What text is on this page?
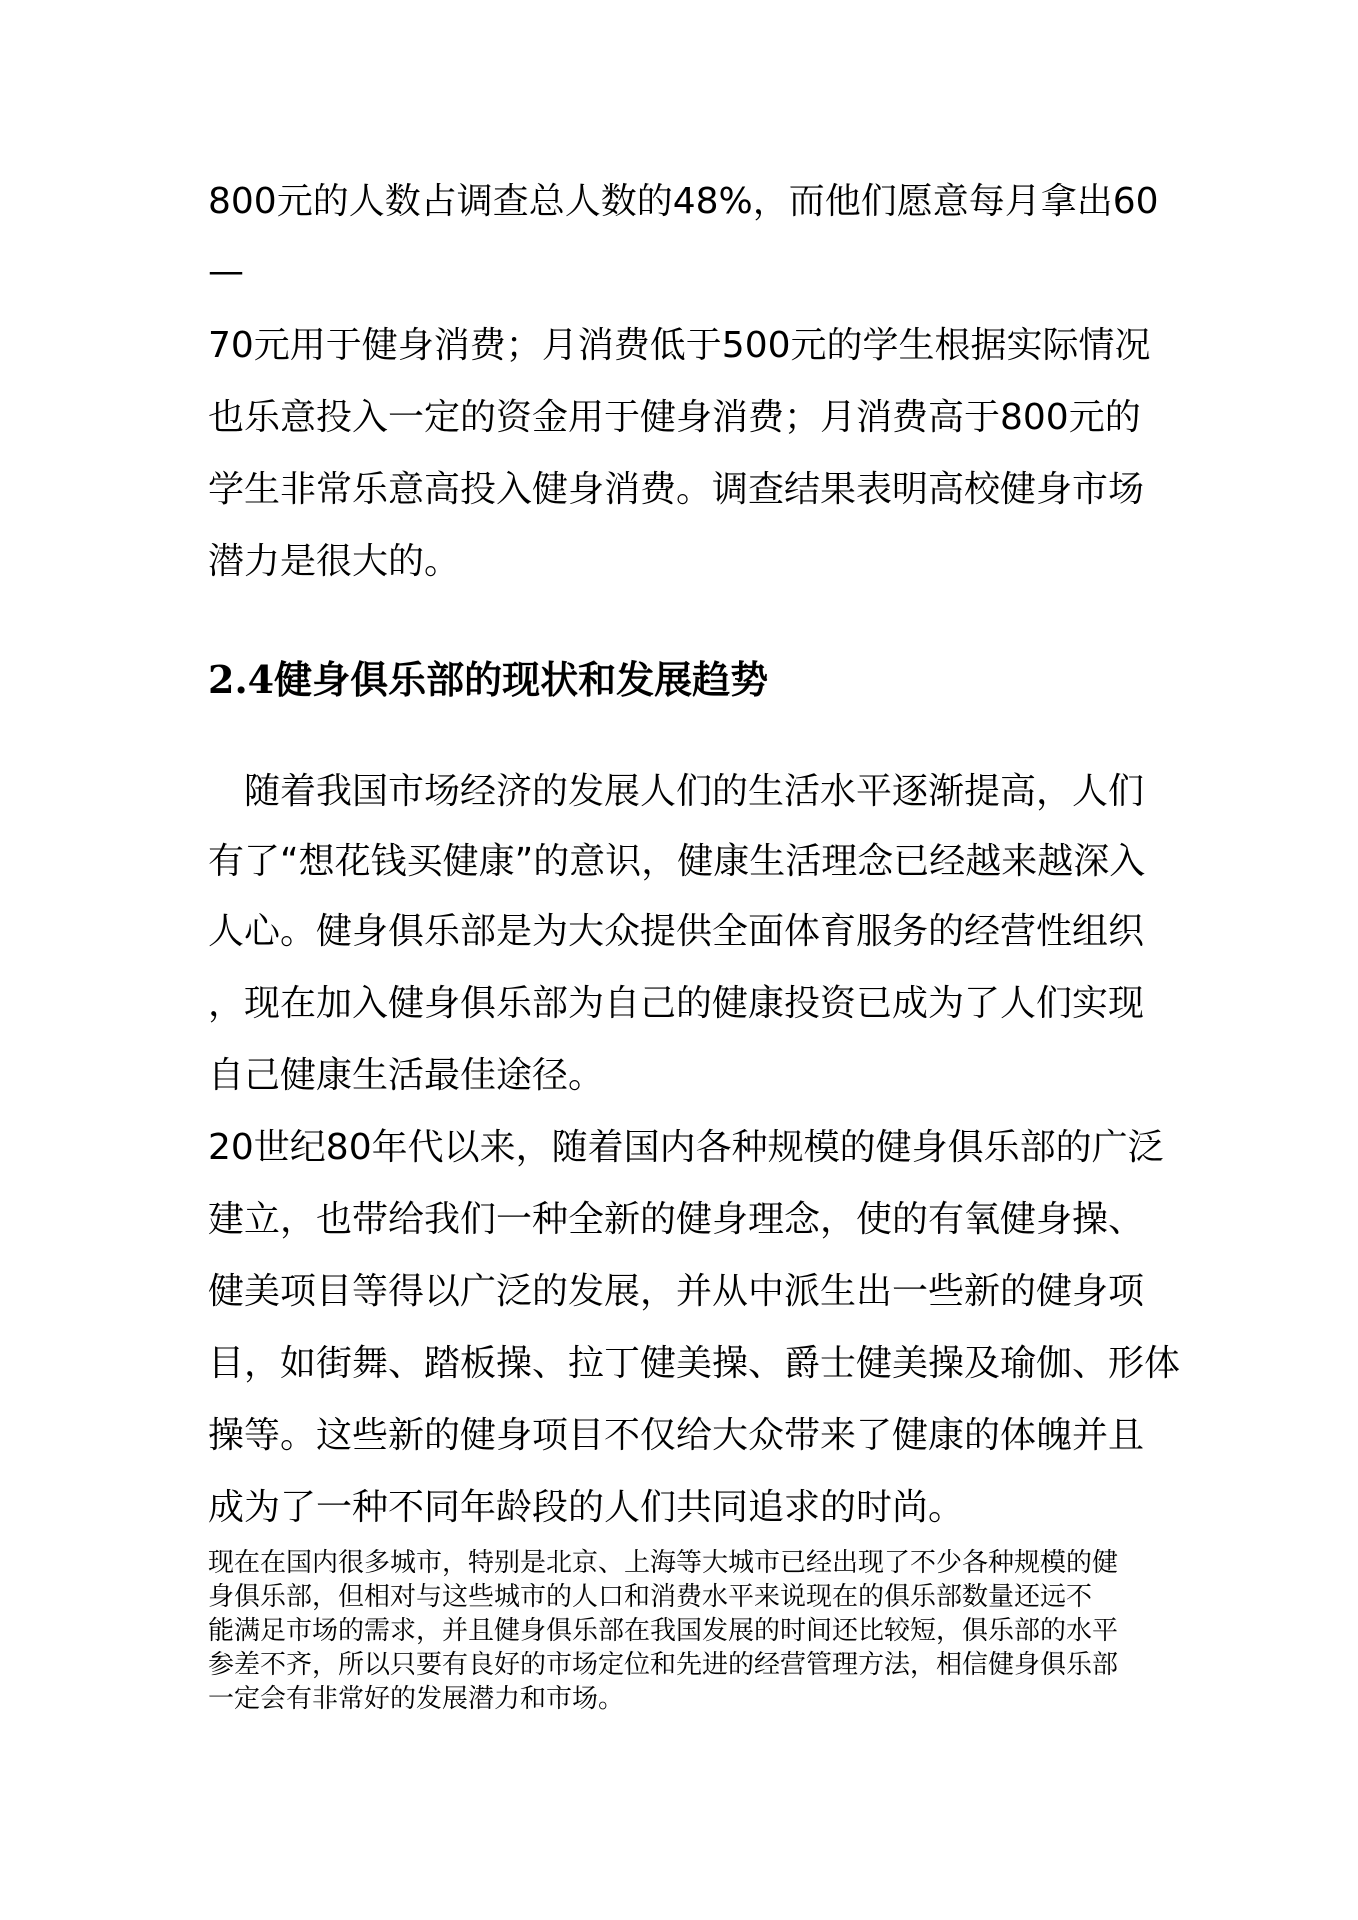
800元的人数占调查总人数的48%，而他们愿意每月拿出60

—

70元用于健身消费；月消费低于500元的学生根据实际情况

也乐意投入一定的资金用于健身消费；月消费高于800元的

学生非常乐意高投入健身消费。调查结果表明高校健身市场

潜力是很大的。

2.4健身俱乐部的现状和发展趋势

随着我国市场经济的发展人们的生活水平逐渐提高，人们

有了“想花钱买健康”的意识，健康生活理念已经越来越深入

人心。健身俱乐部是为大众提供全面体育服务的经营性组织

，现在加入健身俱乐部为自己的健康投资已成为了人们实现

自己健康生活最佳途径。

20世纪80年代以来，随着国内各种规模的健身俱乐部的广泛

建立，也带给我们一种全新的健身理念，使的有氧健身操、

健美项目等得以广泛的发展，并从中派生出一些新的健身项

目，如街舞、踏板操、拉丁健美操、爵士健美操及瑜伽、形体

操等。这些新的健身项目不仅给大众带来了健康的体魄并且

成为了一种不同年龄段的人们共同追求的时尚。

现在在国内很多城市，特别是北京、上海等大城市已经出现了不少各种规模的健

身俱乐部，但相对与这些城市的人口和消费水平来说现在的俱乐部数量还远不

能满足市场的需求，并且健身俱乐部在我国发展的时间还比较短，俱乐部的水平

参差不齐，所以只要有良好的市场定位和先进的经营管理方法，相信健身俱乐部

一定会有非常好的发展潜力和市场。
